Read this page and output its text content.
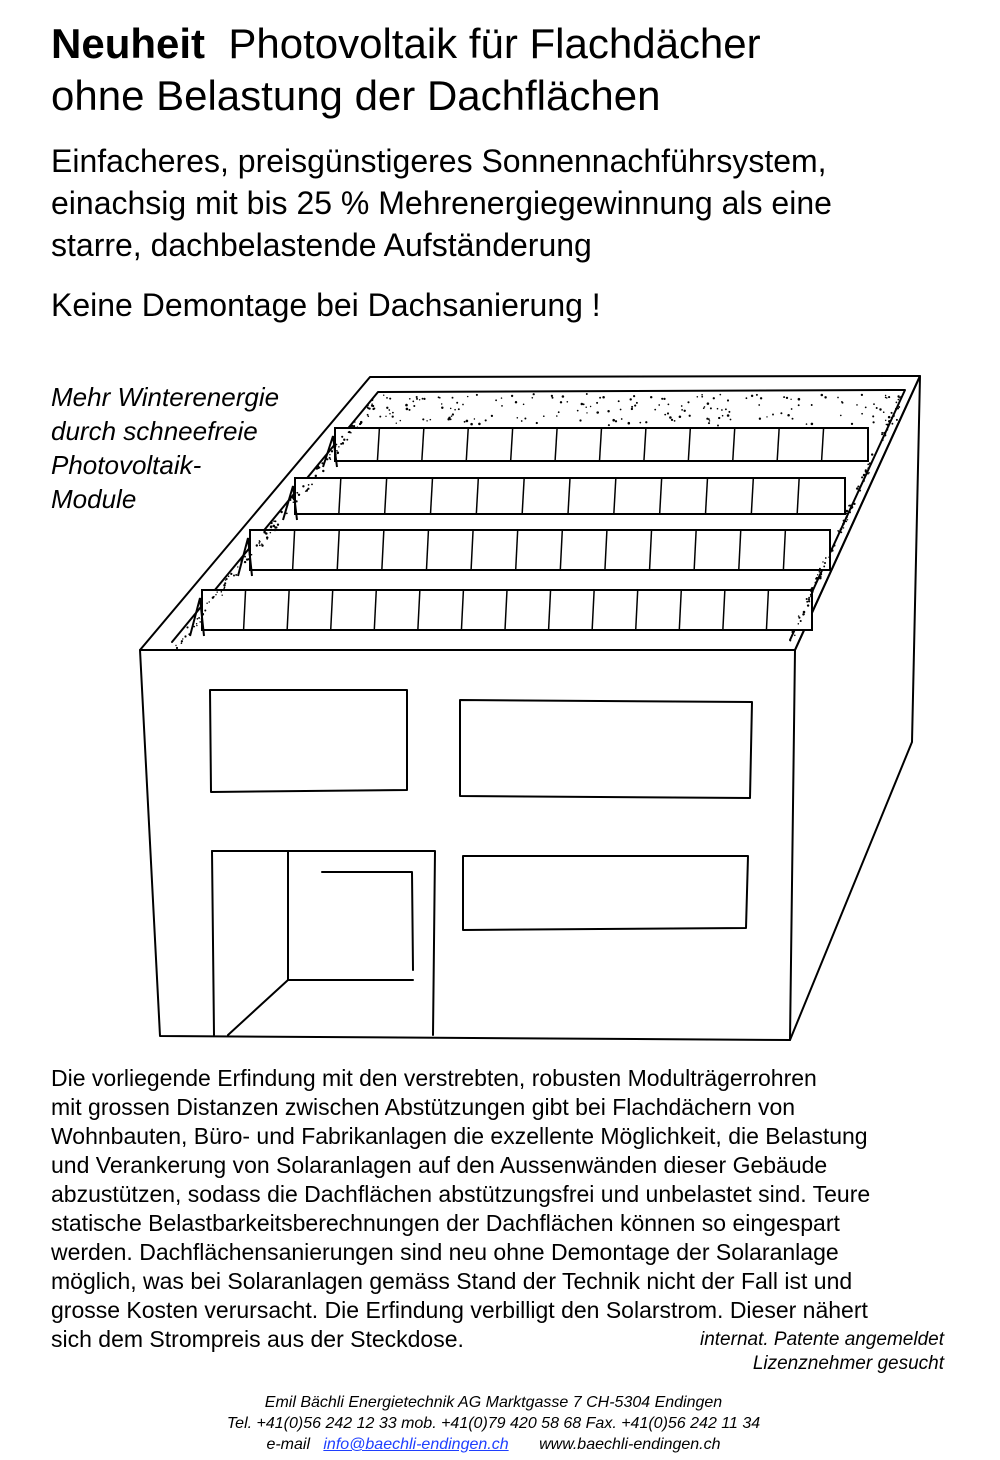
Neuheit Photovoltaik für Flachdächer
ohne Belastung der Dachflächen

Einfacheres, preisgünstigeres Sonnennachführsystem,
einachsig mit bis 25 % Mehrenergiegewinnung als eine
starre, dachbelastende Aufständerung

Keine Demontage bei Dachsanierung !

Mehr Winterenergie
durch schneefreie
Photovoltaik-
Module

Die vorliegende Erfindung mit den verstrebten, robusten Modulträgerrohren
mit grossen Distanzen zwischen Abstützungen gibt bei Flachdächern von
Wohnbauten, Büro- und Fabrikanlagen die exzellente Möglichkeit, die Belastung
und Verankerung von Solaranlagen auf den Aussenwänden dieser Gebäude
abzustützen, sodass die Dachflächen abstützungsfrei und unbelastet sind. Teure
statische Belastbarkeitsberechnungen der Dachflächen können so eingespart
werden. Dachflächensanierungen sind neu ohne Demontage der Solaranlage
möglich, was bei Solaranlagen gemäss Stand der Technik nicht der Fall ist und
grosse Kosten verursacht. Die Erfindung verbilligt den Solarstrom. Dieser nähert
sich dem Strompreis aus der Steckdose.	internat. Patente angemeldet
Lizenznehmer gesucht
Emil Bächli Energietechnik AG Marktgasse 7 CH-5304 Endingen
Tel. +41(0)56 242 12 33 mob. +41(0)79 420 58 68 Fax. +41(0)56 242 11 34
e-mail info@baechli-endingen.ch www.baechli-endingen.ch
